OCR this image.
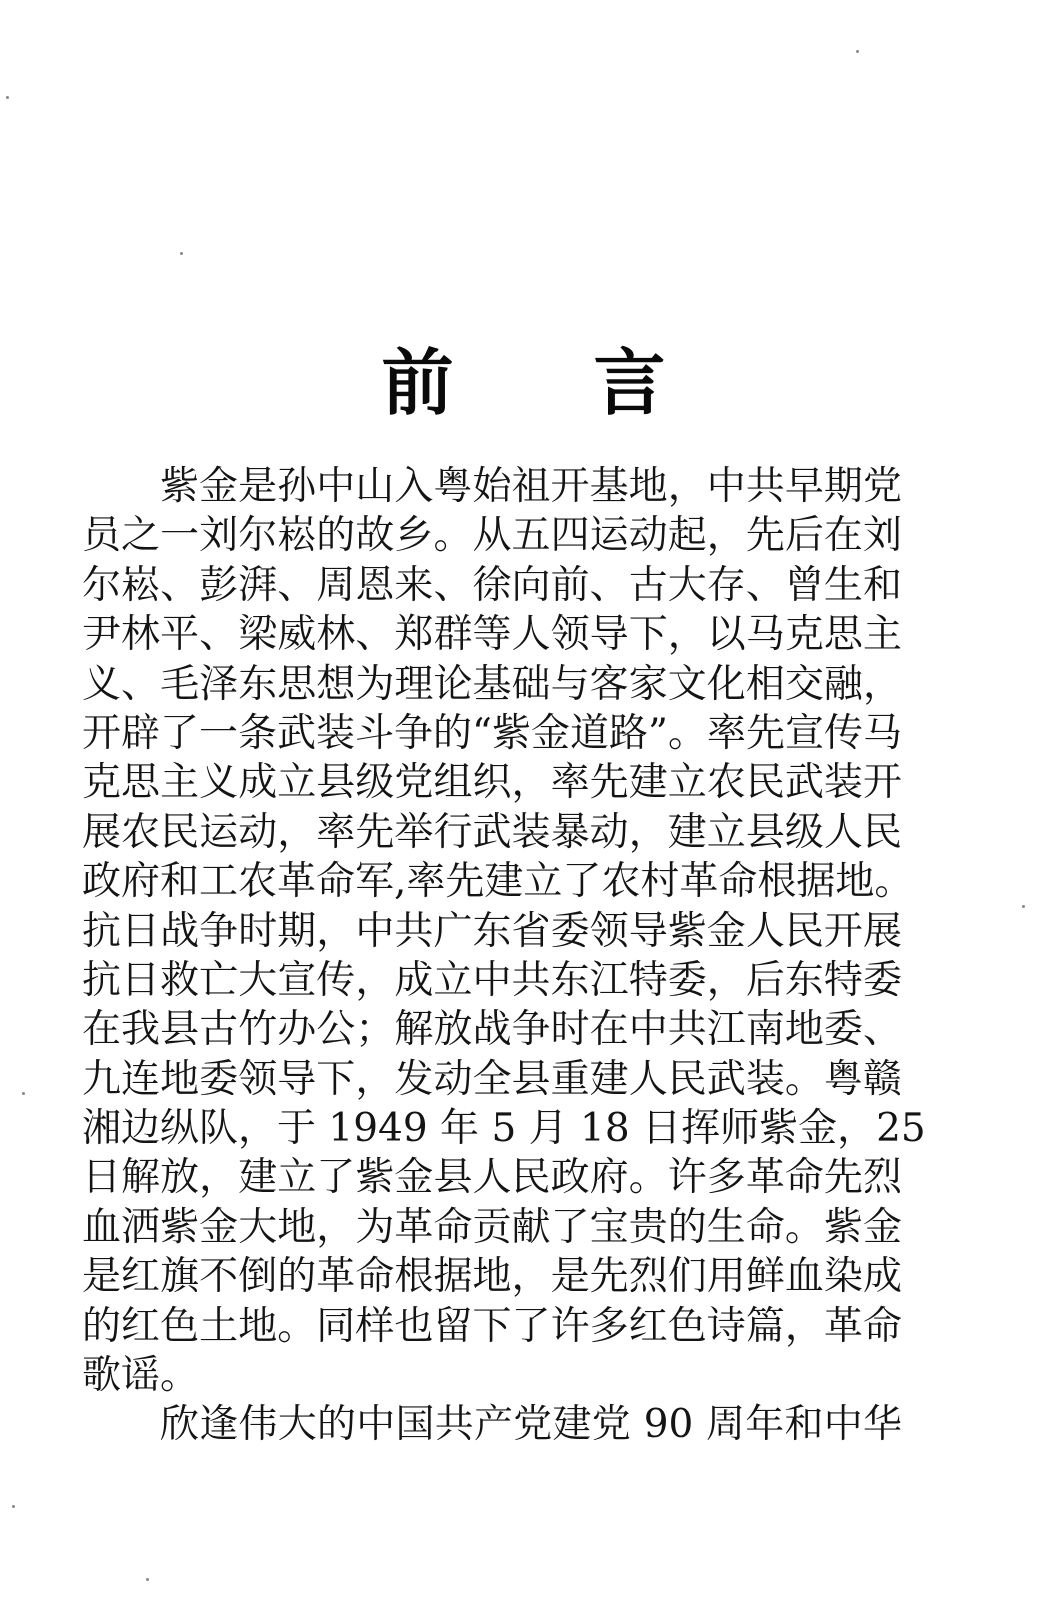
前 言
紫金是孙中山入粤始祖开基地，中共早期党
员之一刘尔崧的故乡。从五四运动起，先后在刘
尔崧、彭湃、周恩来、徐向前、古大存、曾生和
尹林平、梁威林、郑群等人领导下，以马克思主
义、毛泽东思想为理论基础与客家文化相交融，
开辟了一条武装斗争的“紫金道路”。率先宣传马
克思主义成立县级党组织，率先建立农民武装开
展农民运动，率先举行武装暴动，建立县级人民
政府和工农革命军,率先建立了农村革命根据地。
抗日战争时期，中共广东省委领导紫金人民开展
抗日救亡大宣传，成立中共东江特委，后东特委
在我县古竹办公；解放战争时在中共江南地委、
九连地委领导下，发动全县重建人民武装。粤赣
湘边纵队，于 1949 年 5 月 18 日挥师紫金，25
日解放，建立了紫金县人民政府。许多革命先烈
血洒紫金大地，为革命贡献了宝贵的生命。紫金
是红旗不倒的革命根据地，是先烈们用鲜血染成
的红色土地。同样也留下了许多红色诗篇，革命
歌谣。
欣逢伟大的中国共产党建党 90 周年和中华
